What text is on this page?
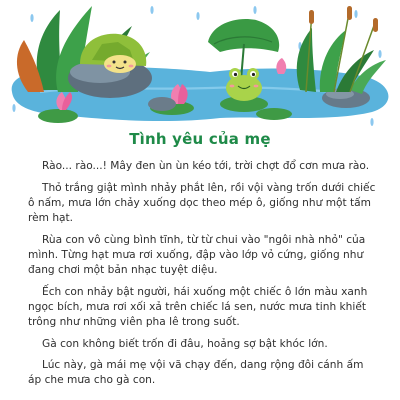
Tình yêu của mẹ

Rào... rào...! Mây đen ùn ùn kéo tới, trời chợt đổ cơn mưa rào.

Thỏ trắng giật mình nhảy phắt lên, rồi vội vàng trốn dưới chiếc ô nấm, mưa lớn chảy xuống dọc theo mép ô, giống như một tấm rèm hạt.

Rùa con vô cùng bình tĩnh, từ từ chui vào "ngôi nhà nhỏ" của mình. Từng hạt mưa rơi xuống, đập vào lớp vỏ cứng, giống như đang chơi một bản nhạc tuyệt diệu.

Ếch con nhảy bật người, hái xuống một chiếc ô lớn màu xanh ngọc bích, mưa rơi xối xả trên chiếc lá sen, nước mưa tinh khiết trông như những viên pha lê trong suốt.

Gà con không biết trốn đi đâu, hoảng sợ bật khóc lớn.

Lúc này, gà mái mẹ vội vã chạy đến, dang rộng đôi cánh ấm áp che mưa cho gà con.
